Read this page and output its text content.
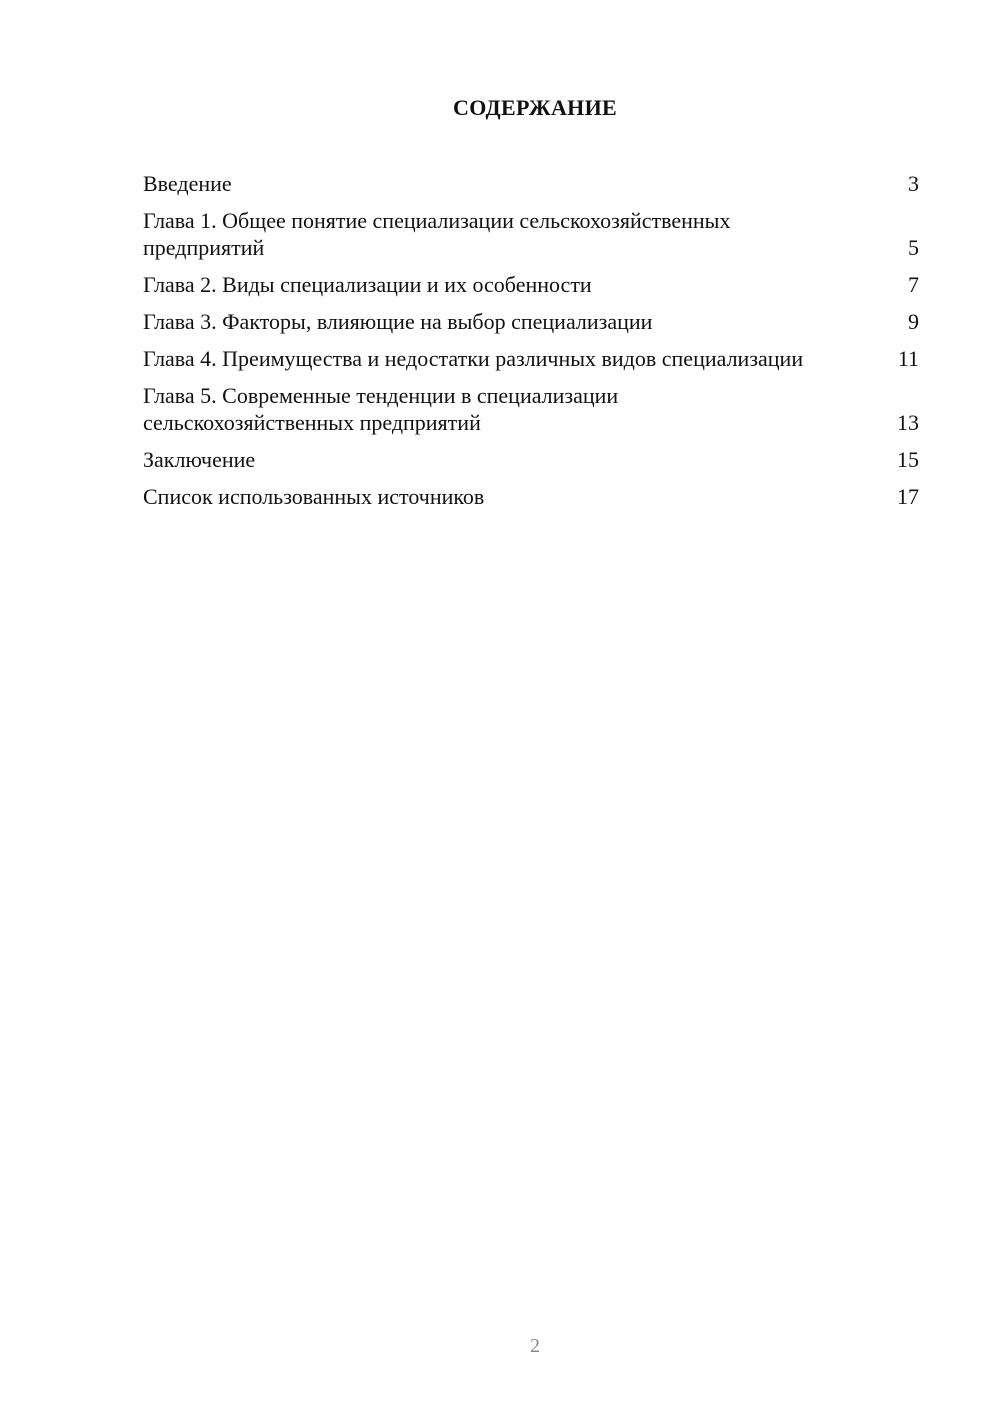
СОДЕРЖАНИЕ
Введение	3
Глава 1. Общее понятие специализации сельскохозяйственных предприятий	5
Глава 2. Виды специализации и их особенности	7
Глава 3. Факторы, влияющие на выбор специализации	9
Глава 4. Преимущества и недостатки различных видов специализации	11
Глава 5. Современные тенденции в специализации сельскохозяйственных предприятий	13
Заключение	15
Список использованных источников	17
2
